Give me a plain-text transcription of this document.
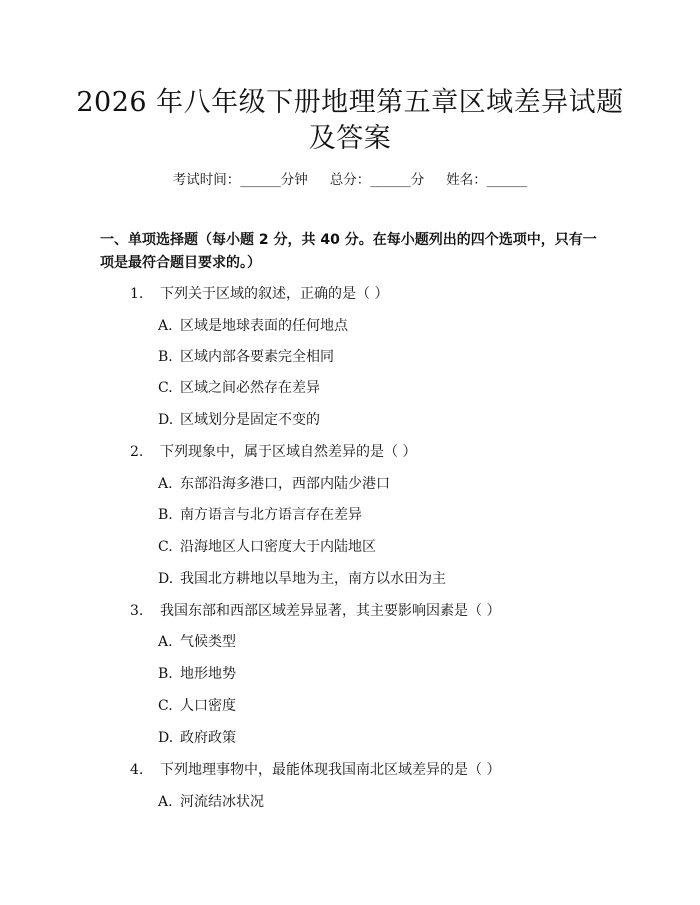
2026 年八年级下册地理第五章区域差异试题
及答案
考试时间：______分钟 总分：______分 姓名：______
一、单项选择题（每小题 2 分，共 40 分。在每小题列出的四个选项中，只有一项是最符合题目要求的。）
1. 下列关于区域的叙述，正确的是（ ）
A. 区域是地球表面的任何地点
B. 区域内部各要素完全相同
C. 区域之间必然存在差异
D. 区域划分是固定不变的
2. 下列现象中，属于区域自然差异的是（ ）
A. 东部沿海多港口，西部内陆少港口
B. 南方语言与北方语言存在差异
C. 沿海地区人口密度大于内陆地区
D. 我国北方耕地以旱地为主，南方以水田为主
3. 我国东部和西部区域差异显著，其主要影响因素是（ ）
A. 气候类型
B. 地形地势
C. 人口密度
D. 政府政策
4. 下列地理事物中，最能体现我国南北区域差异的是（ ）
A. 河流结冰状况
